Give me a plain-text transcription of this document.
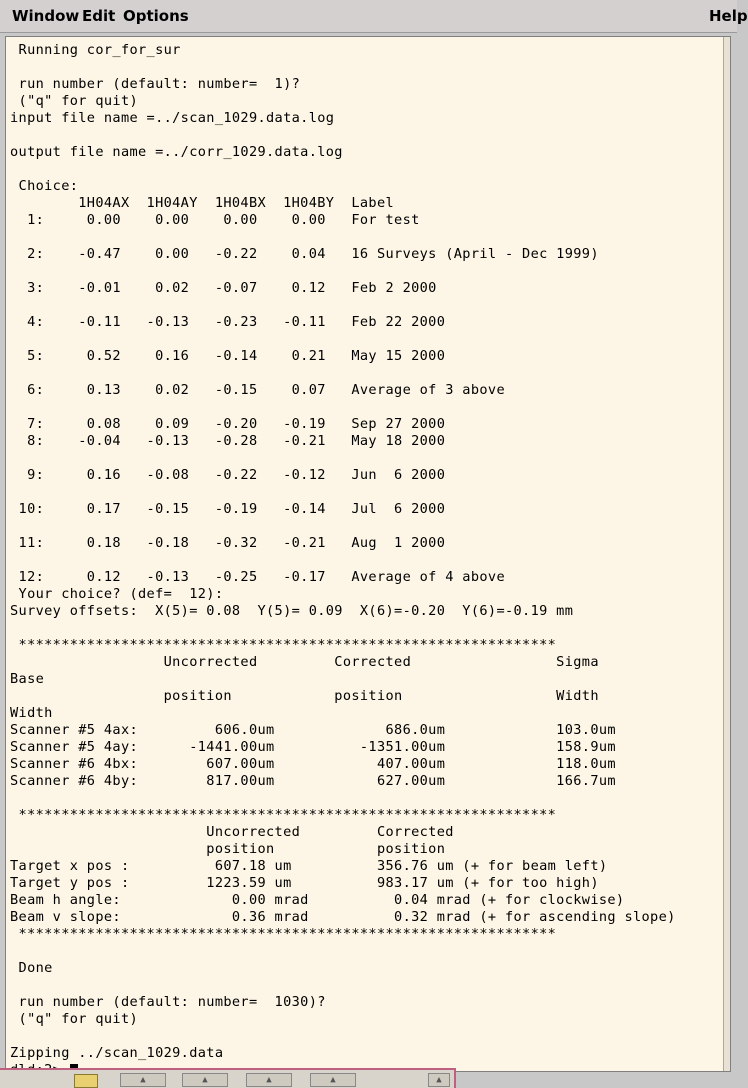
Window Edit Options	Help
Running cor_for_sur
run number (default: number=  1)?
("q" for quit)
input file name =../scan_1029.data.log
output file name =../corr_1029.data.log
Choice:
1H04AX  1H04AY  1H04BX  1H04BY  Label
1:     0.00    0.00    0.00    0.00   For test
2:    -0.47    0.00   -0.22    0.04   16 Surveys (April - Dec 1999)
3:    -0.01    0.02   -0.07    0.12   Feb 2 2000
4:    -0.11   -0.13   -0.23   -0.11   Feb 22 2000
5:     0.52    0.16   -0.14    0.21   May 15 2000
6:     0.13    0.02   -0.15    0.07   Average of 3 above
7:     0.08    0.09   -0.20   -0.19   Sep 27 2000
8:    -0.04   -0.13   -0.28   -0.21   May 18 2000
9:     0.16   -0.08   -0.22   -0.12   Jun  6 2000
10:     0.17   -0.15   -0.19   -0.14   Jul  6 2000
11:     0.18   -0.18   -0.32   -0.21   Aug  1 2000
12:     0.12   -0.13   -0.25   -0.17   Average of 4 above
Your choice? (def=  12):
Survey offsets:  X(5)= 0.08  Y(5)= 0.09  X(6)=-0.20  Y(6)=-0.19 mm
***************************************************************
Uncorrected         Corrected                 Sigma
Base
position            position                  Width
Width
Scanner #5 4ax:         606.0um             686.0um             103.0um
Scanner #5 4ay:      -1441.00um          -1351.00um             158.9um
Scanner #6 4bx:        607.00um            407.00um             118.0um
Scanner #6 4by:        817.00um            627.00um             166.7um
***************************************************************
Uncorrected         Corrected
position            position
Target x pos :          607.18 um          356.76 um (+ for beam left)
Target y pos :         1223.59 um          983.17 um (+ for too high)
Beam h angle:             0.00 mrad          0.04 mrad (+ for clockwise)
Beam v slope:             0.36 mrad          0.32 mrad (+ for ascending slope)
***************************************************************
Done
run number (default: number=  1030)?
("q" for quit)
Zipping ../scan_1029.data
▲	▲	▲	▲	▲
